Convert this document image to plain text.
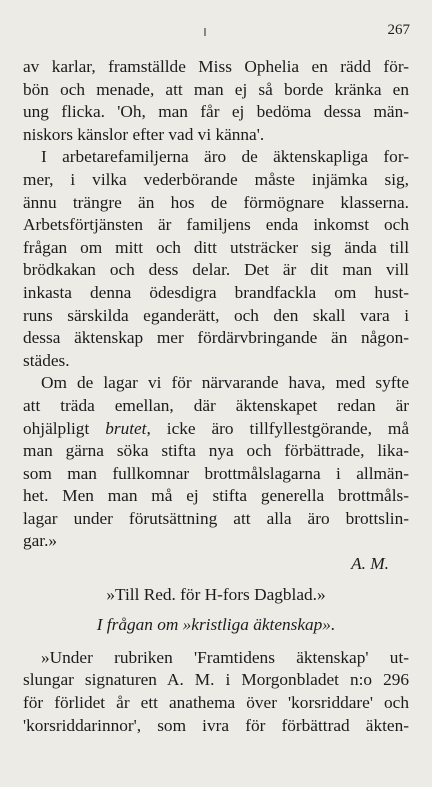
267
av karlar, framställde Miss Ophelia en rädd för-
bön och menade, att man ej så borde kränka en
ung flicka. 'Oh, man får ej bedöma dessa män-
niskors känslor efter vad vi känna'.
I arbetarefamiljerna äro de äktenskapliga for-
mer, i vilka vederbörande måste injämka sig,
ännu trängre än hos de förmögnare klasserna.
Arbetsförtjänsten är familjens enda inkomst och
frågan om mitt och ditt utsträcker sig ända till
brödkakan och dess delar. Det är dit man vill
inkasta denna ödesdigra brandfackla om hust-
runs särskilda eganderätt, och den skall vara i
dessa äktenskap mer fördärvbringande än någon-
städes.
Om de lagar vi för närvarande hava, med syfte
att träda emellan, där äktenskapet redan är
ohjälpligt brutet, icke äro tillfyllestgörande, må
man gärna söka stifta nya och förbättrade, lika-
som man fullkomnar brottmålslagarna i allmän-
het. Men man må ej stifta generella brottmåls-
lagar under förutsättning att alla äro brottslin-
gar.»
A. M.
»Till Red. för H-fors Dagblad.»
I frågan om »kristliga äktenskap».
»Under rubriken 'Framtidens äktenskap' ut-
slungar signaturen A. M. i Morgonbladet n:o 296
för förlidet år ett anathema över 'korsriddare' och
'korsriddarinnor', som ivra för förbättrad äkten-
